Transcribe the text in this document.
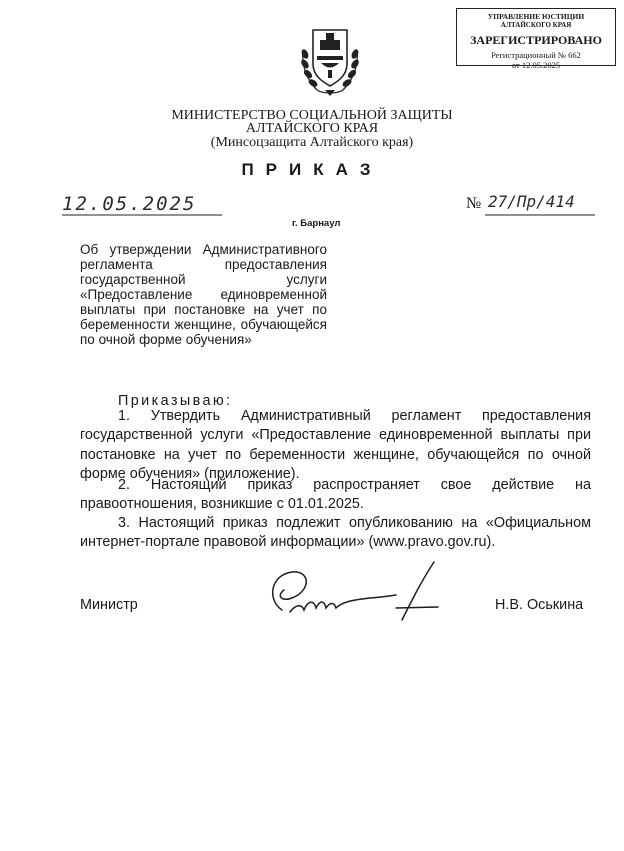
УПРАВЛЕНИЕ ЮСТИЦИИ
АЛТАЙСКОГО КРАЯ
ЗАРЕГИСТРИРОВАНО
Регистрационный № 662
от 12.05.2025
МИНИСТЕРСТВО СОЦИАЛЬНОЙ ЗАЩИТЫ
АЛТАЙСКОГО КРАЯ
(Минсоцзащита Алтайского края)
ПРИКАЗ
12.05.2025	№ 27/Пр/414
г. Барнаул
Об утверждении Административного регламента предоставления государственной услуги «Предоставление единовременной выплаты при постановке на учет по беременности женщине, обучающейся по очной форме обучения»
Приказываю:
1. Утвердить Административный регламент предоставления государственной услуги «Предоставление единовременной выплаты при постановке на учет по беременности женщине, обучающейся по очной форме обучения» (приложение).
2. Настоящий приказ распространяет свое действие на правоотношения, возникшие с 01.01.2025.
3. Настоящий приказ подлежит опубликованию на «Официальном интернет-портале правовой информации» (www.pravo.gov.ru).
Министр	Н.В. Оськина
